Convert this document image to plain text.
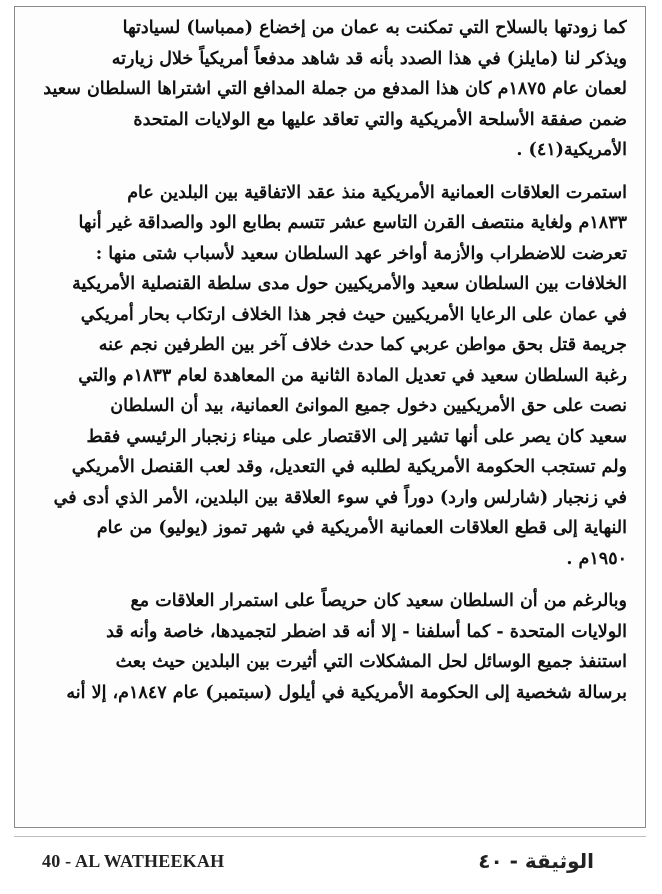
كما زودتها بالسلاح التي تمكنت به عمان من إخضاع (ممباسا) لسيادتها
ويذكر لنا (مايلز) في هذا الصدد بأنه قد شاهد مدفعاً أمريكياً خلال زيارته
لعمان عام ١٨٧٥م كان هذا المدفع من جملة المدافع التي اشتراها السلطان سعيد
ضمن صفقة الأسلحة الأمريكية والتي تعاقد عليها مع الولايات المتحدة
الأمريكية(٤١) .
استمرت العلاقات العمانية الأمريكية منذ عقد الاتفاقية بين البلدين عام
١٨٣٣م ولغاية منتصف القرن التاسع عشر تتسم بطابع الود والصداقة غير أنها
تعرضت للاضطراب والأزمة أواخر عهد السلطان سعيد لأسباب شتى منها :
الخلافات بين السلطان سعيد والأمريكيين حول مدى سلطة القنصلية الأمريكية
في عمان على الرعايا الأمريكيين حيث فجر هذا الخلاف ارتكاب بحار أمريكي
جريمة قتل بحق مواطن عربي كما حدث خلاف آخر بين الطرفين نجم عنه
رغبة السلطان سعيد في تعديل المادة الثانية من المعاهدة لعام ١٨٣٣م والتي
نصت على حق الأمريكيين دخول جميع الموانئ العمانية، بيد أن السلطان
سعيد كان يصر على أنها تشير إلى الاقتصار على ميناء زنجبار الرئيسي فقط
ولم تستجب الحكومة الأمريكية لطلبه في التعديل، وقد لعب القنصل الأمريكي
في زنجبار (شارلس وارد) دوراً في سوء العلاقة بين البلدين، الأمر الذي أدى في
النهاية إلى قطع العلاقات العمانية الأمريكية في شهر تموز (يوليو) من عام
١٩٥٠م .
وبالرغم من أن السلطان سعيد كان حريصاً على استمرار العلاقات مع
الولايات المتحدة - كما أسلفنا - إلا أنه قد اضطر لتجميدها، خاصة وأنه قد
استنفذ جميع الوسائل لحل المشكلات التي أثيرت بين البلدين حيث بعث
برسالة شخصية إلى الحكومة الأمريكية في أيلول (سبتمبر) عام ١٨٤٧م، إلا أنه
40 - AL WATHEEKAH	الوثيقة - ٤٠
